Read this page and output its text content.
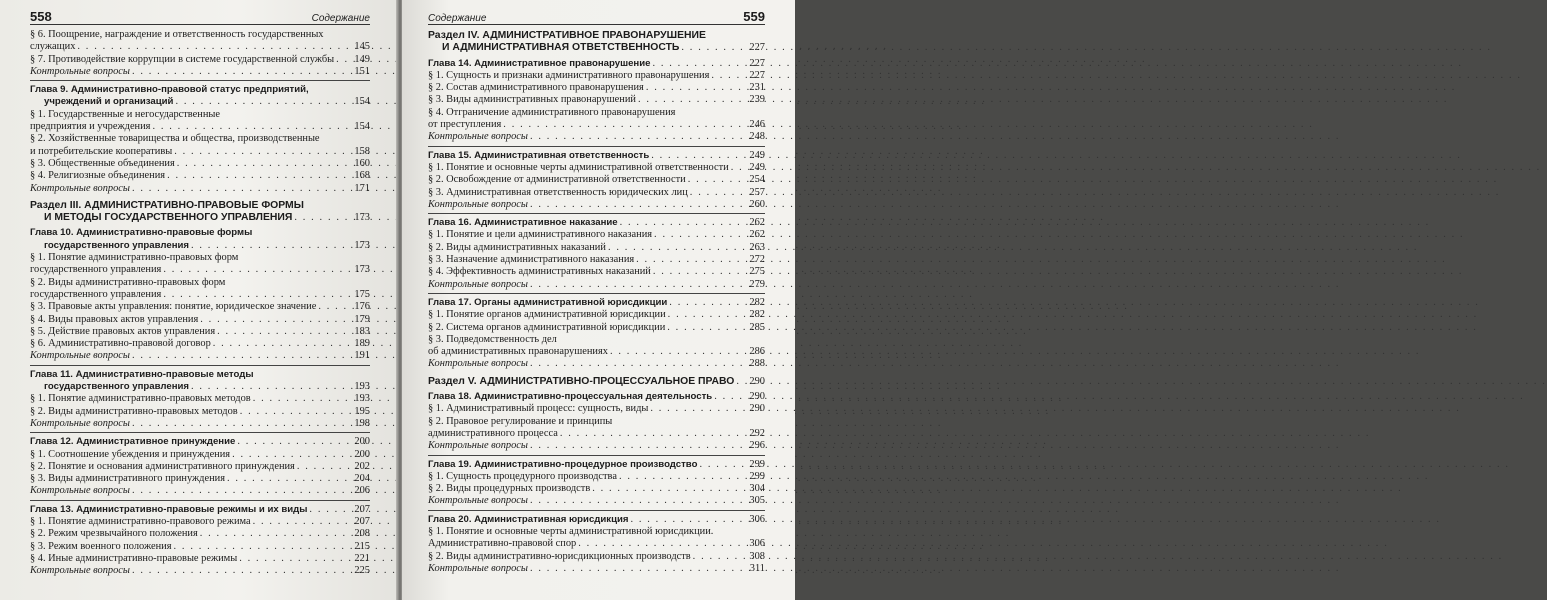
558	Содержание
§ 6. Поощрение, награждение и ответственность государственных
служащих . . .	145
§ 7. Противодействие коррупции в системе государственной службы . . . 149
Контрольные вопросы . . .	151
Глава 9. Административно-правовой статус предприятий,
учреждений и организаций . . .	154
§ 1. Государственные и негосударственные
предприятия и учреждения . . .	154
§ 2. Хозяйственные товарищества и общества, производственные
и потребительские кооперативы . . .	158
§ 3. Общественные объединения . . .	160
§ 4. Религиозные объединения . . .	168
Контрольные вопросы . . .	171
Раздел III. АДМИНИСТРАТИВНО-ПРАВОВЫЕ ФОРМЫ
И МЕТОДЫ ГОСУДАРСТВЕННОГО УПРАВЛЕНИЯ . . .	173
Глава 10. Административно-правовые формы
государственного управления . . .	173
§ 1. Понятие административно-правовых форм
государственного управления . . .	173
§ 2. Виды административно-правовых форм
государственного управления . . .	175
§ 3. Правовые акты управления: понятие, юридическое значение . . .	176
§ 4. Виды правовых актов управления . . .	179
§ 5. Действие правовых актов управления . . .	183
§ 6. Административно-правовой договор . . .	189
Контрольные вопросы . . .	191
Глава 11. Административно-правовые методы
государственного управления . . .	193
§ 1. Понятие административно-правовых методов . . .	193
§ 2. Виды административно-правовых методов . . .	195
Контрольные вопросы . . .	198
Глава 12. Административное принуждение . . .	200
§ 1. Соотношение убеждения и принуждения . . .	200
§ 2. Понятие и основания административного принуждения . . .	202
§ 3. Виды административного принуждения . . .	204
Контрольные вопросы . . .	206
Глава 13. Административно-правовые режимы и их виды . . .	207
§ 1. Понятие административно-правового режима . . .	207
§ 2. Режим чрезвычайного положения . . .	208
§ 3. Режим военного положения . . .	215
§ 4. Иные административно-правовые режимы . . .	221
Контрольные вопросы . . .	225
Содержание	559
Раздел IV. АДМИНИСТРАТИВНОЕ ПРАВОНАРУШЕНИЕ
И АДМИНИСТРАТИВНАЯ ОТВЕТСТВЕННОСТЬ . . .	227
Глава 14. Административное правонарушение . . .	227
§ 1. Сущность и признаки административного правонарушения . . .	227
§ 2. Состав административного правонарушения . . .	231
§ 3. Виды административных правонарушений . . .	239
§ 4. Отграничение административного правонарушения
от преступления . . .	246
Контрольные вопросы . . .	248
Глава 15. Административная ответственность . . .	249
§ 1. Понятие и основные черты административной ответственности . . . 249
§ 2. Освобождение от административной ответственности . . .	254
§ 3. Административная ответственность юридических лиц . . .	257
Контрольные вопросы . . .	260
Глава 16. Административное наказание . . .	262
§ 1. Понятие и цели административного наказания . . .	262
§ 2. Виды административных наказаний . . .	263
§ 3. Назначение административного наказания . . .	272
§ 4. Эффективность административных наказаний . . .	275
Контрольные вопросы . . .	279
Глава 17. Органы административной юрисдикции . . .	282
§ 1. Понятие органов административной юрисдикции . . .	282
§ 2. Система органов административной юрисдикции . . .	285
§ 3. Подведомственность дел
об административных правонарушениях . . .	286
Контрольные вопросы . . .	288
Раздел V. АДМИНИСТРАТИВНО-ПРОЦЕССУАЛЬНОЕ ПРАВО . . . 290
Глава 18. Административно-процессуальная деятельность . . .	290
§ 1. Административный процесс: сущность, виды . . .	290
§ 2. Правовое регулирование и принципы
административного процесса . . .	292
Контрольные вопросы . . .	296
Глава 19. Административно-процедурное производство . . .	299
§ 1. Сущность процедурного производства . . .	299
§ 2. Виды процедурных производств . . .	304
Контрольные вопросы . . .	305
Глава 20. Административная юрисдикция . . .	306
§ 1. Понятие и основные черты административной юрисдикции.
Административно-правовой спор . . .	306
§ 2. Виды административно-юрисдикционных производств . . .	308
Контрольные вопросы . . .	311
